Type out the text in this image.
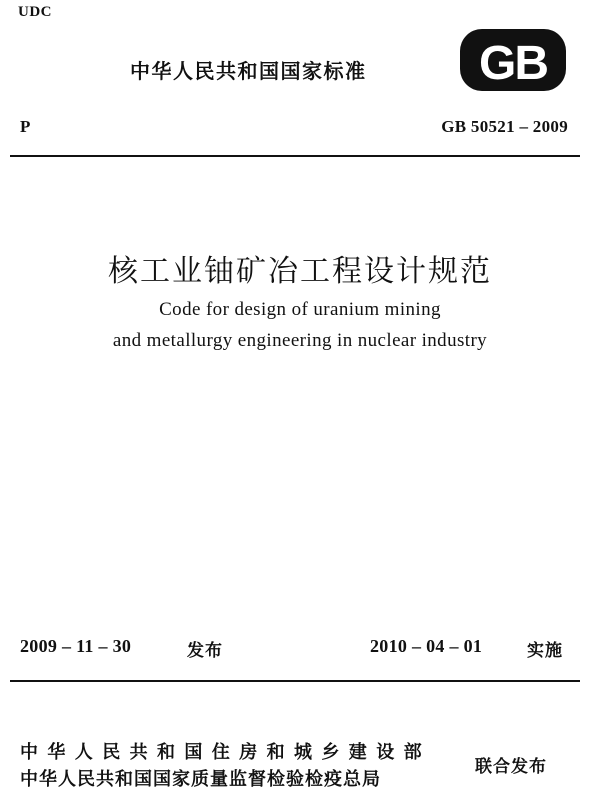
UDC
中华人民共和国国家标准 GB
P	GB 50521 – 2009
核工业铀矿冶工程设计规范
Code for design of uranium mining
and metallurgy engineering in nuclear industry
2009 – 11 – 30	发布	2010 – 04 – 01	实施
中华人民共和国住房和城乡建设部
中华人民共和国国家质量监督检验检疫总局
联合发布
